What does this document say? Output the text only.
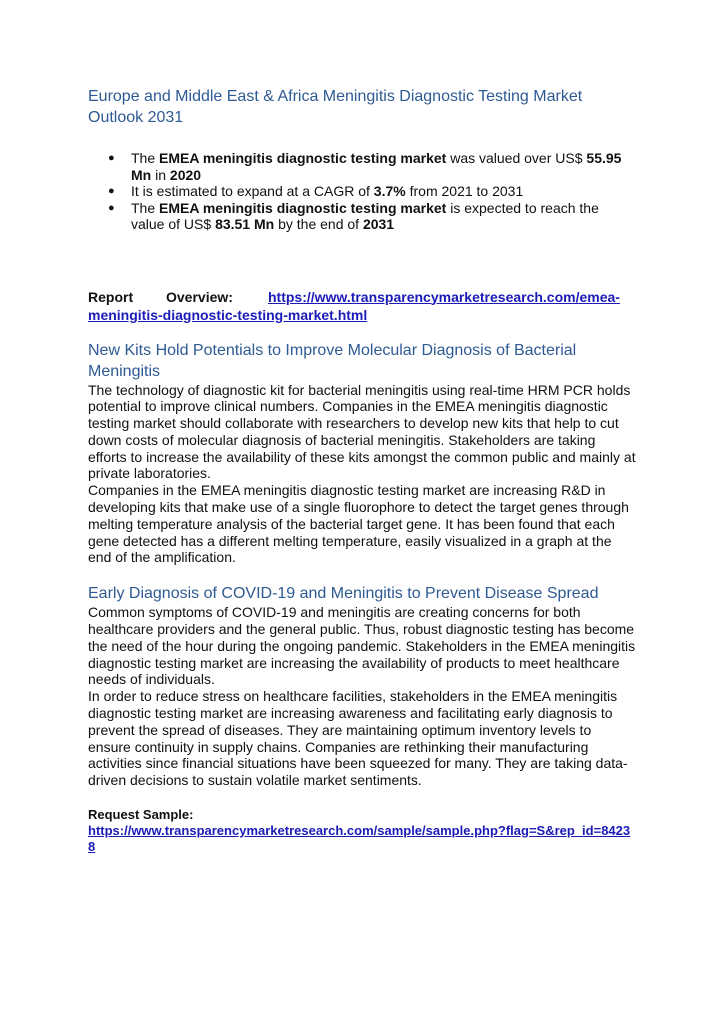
Europe and Middle East & Africa Meningitis Diagnostic Testing Market Outlook 2031
● The EMEA meningitis diagnostic testing market was valued over US$ 55.95 Mn in 2020
● It is estimated to expand at a CAGR of 3.7% from 2021 to 2031
● The EMEA meningitis diagnostic testing market is expected to reach the value of US$ 83.51 Mn by the end of 2031
Report Overview:	https://www.transparencymarketresearch.com/emea-meningitis-diagnostic-testing-market.html
New Kits Hold Potentials to Improve Molecular Diagnosis of Bacterial Meningitis

The technology of diagnostic kit for bacterial meningitis using real-time HRM PCR holds potential to improve clinical numbers. Companies in the EMEA meningitis diagnostic testing market should collaborate with researchers to develop new kits that help to cut down costs of molecular diagnosis of bacterial meningitis. Stakeholders are taking efforts to increase the availability of these kits amongst the common public and mainly at private laboratories.

Companies in the EMEA meningitis diagnostic testing market are increasing R&D in developing kits that make use of a single fluorophore to detect the target genes through melting temperature analysis of the bacterial target gene. It has been found that each gene detected has a different melting temperature, easily visualized in a graph at the end of the amplification.

Early Diagnosis of COVID-19 and Meningitis to Prevent Disease Spread

Common symptoms of COVID-19 and meningitis are creating concerns for both healthcare providers and the general public. Thus, robust diagnostic testing has become the need of the hour during the ongoing pandemic. Stakeholders in the EMEA meningitis diagnostic testing market are increasing the availability of products to meet healthcare needs of individuals.

In order to reduce stress on healthcare facilities, stakeholders in the EMEA meningitis diagnostic testing market are increasing awareness and facilitating early diagnosis to prevent the spread of diseases. They are maintaining optimum inventory levels to ensure continuity in supply chains. Companies are rethinking their manufacturing activities since financial situations have been squeezed for many. They are taking data-driven decisions to sustain volatile market sentiments.

Request Sample:
https://www.transparencymarketresearch.com/sample/sample.php?flag=S&rep_id=84238
